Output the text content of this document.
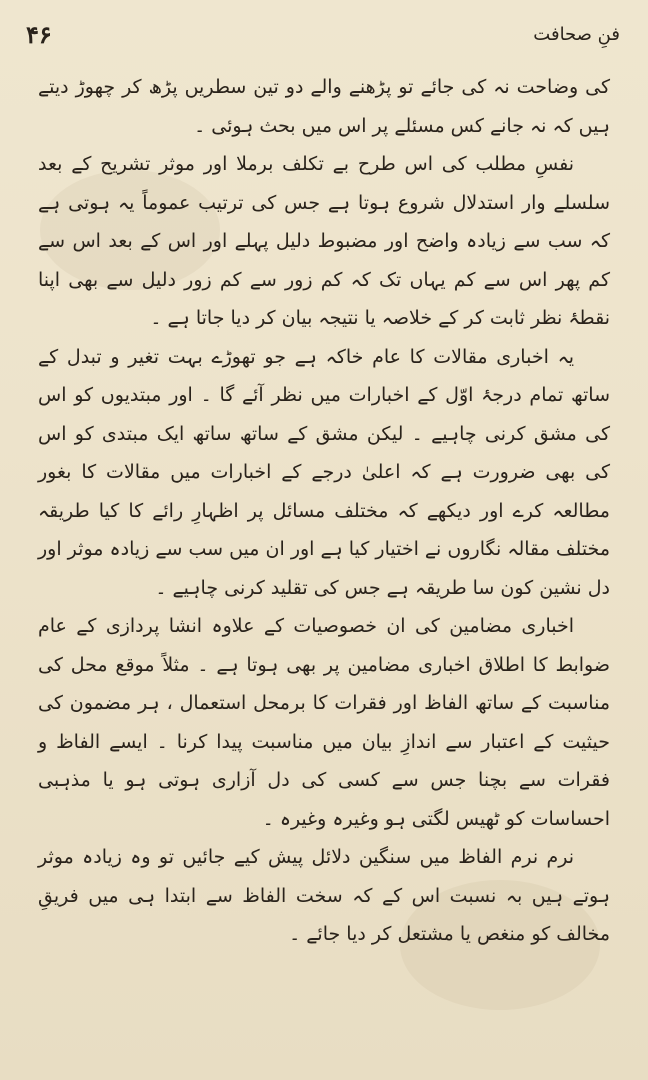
۴۶	فنِ صحافت

کی وضاحت نہ کی جائے تو پڑھنے والے دو تین سطریں پڑھ کر چھوڑ دیتے ہیں کہ نہ جانے کس مسئلے پر اس میں بحث ہوئی ۔

نفسِ مطلب کی اس طرح بے تکلف برملا اور موثر تشریح کے بعد سلسلے وار استدلال شروع ہوتا ہے جس کی ترتیب عموماً یہ ہوتی ہے کہ سب سے زیادہ واضح اور مضبوط دلیل پہلے اور اس کے بعد اس سے کم پھر اس سے کم یہاں تک کہ کم زور سے کم زور دلیل سے بھی اپنا نقطۂ نظر ثابت کر کے خلاصہ یا نتیجہ بیان کر دیا جاتا ہے ۔

یہ اخباری مقالات کا عام خاکہ ہے جو تھوڑے بہت تغیر و تبدل کے ساتھ تمام درجۂ اوّل کے اخبارات میں نظر آئے گا ۔ اور مبتدیوں کو اس کی مشق کرنی چاہیے ۔ لیکن مشق کے ساتھ ساتھ ایک مبتدی کو اس کی بھی ضرورت ہے کہ اعلیٰ درجے کے اخبارات میں مقالات کا بغور مطالعہ کرے اور دیکھے کہ مختلف مسائل پر اظہارِ رائے کا کیا طریقہ مختلف مقالہ نگاروں نے اختیار کیا ہے اور ان میں سب سے زیادہ موثر اور دل نشین کون سا طریقہ ہے جس کی تقلید کرنی چاہیے ۔

اخباری مضامین کی ان خصوصیات کے علاوہ انشا پردازی کے عام ضوابط کا اطلاق اخباری مضامین پر بھی ہوتا ہے ۔ مثلاً موقع محل کی مناسبت کے ساتھ الفاظ اور فقرات کا برمحل استعمال ، ہر مضمون کی حیثیت کے اعتبار سے اندازِ بیان میں مناسبت پیدا کرنا ۔ ایسے الفاظ و فقرات سے بچنا جس سے کسی کی دل آزاری ہوتی ہو یا مذہبی احساسات کو ٹھیس لگتی ہو وغیرہ وغیرہ ۔

نرم نرم الفاظ میں سنگین دلائل پیش کیے جائیں تو وہ زیادہ موثر ہوتے ہیں بہ نسبت اس کے کہ سخت الفاظ سے ابتدا ہی میں فریقِ مخالف کو منغص یا مشتعل کر دیا جائے ۔
